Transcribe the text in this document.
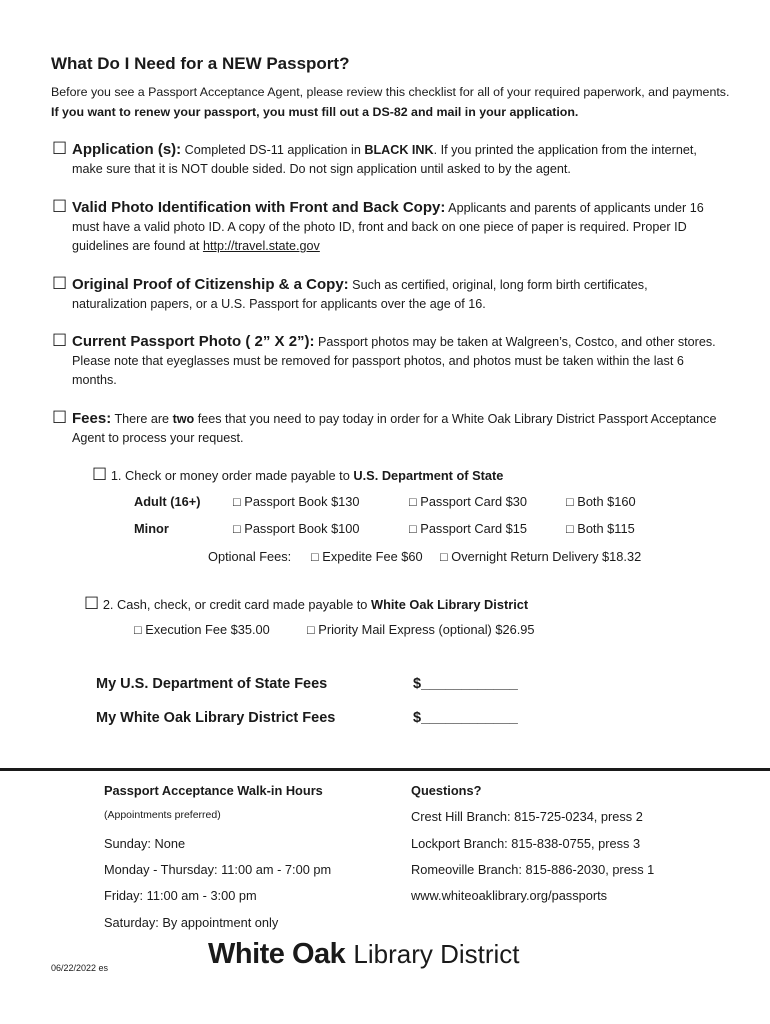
What Do I Need for a NEW Passport?
Before you see a Passport Acceptance Agent, please review this checklist for all of your required paperwork, and payments. If you want to renew your passport, you must fill out a DS-82 and mail in your application.
☐ Application (s): Completed DS-11 application in BLACK INK. If you printed the application from the internet, make sure that it is NOT double sided. Do not sign application until asked to by the agent.
☐ Valid Photo Identification with Front and Back Copy: Applicants and parents of applicants under 16 must have a valid photo ID. A copy of the photo ID, front and back on one piece of paper is required. Proper ID guidelines are found at http://travel.state.gov
☐ Original Proof of Citizenship & a Copy: Such as certified, original, long form birth certificates, naturalization papers, or a U.S. Passport for applicants over the age of 16.
☐ Current Passport Photo ( 2” X 2”): Passport photos may be taken at Walgreen’s, Costco, and other stores. Please note that eyeglasses must be removed for passport photos, and photos must be taken within the last 6 months.
☐ Fees: There are two fees that you need to pay today in order for a White Oak Library District Passport Acceptance Agent to process your request.
☐ 1. Check or money order made payable to U.S. Department of State
Adult (16+)	□ Passport Book $130	□ Passport Card $30	□ Both $160
Minor	□ Passport Book $100	□ Passport Card $15	□ Both $115
Optional Fees: □ Expedite Fee $60 □ Overnight Return Delivery $18.32
☐ 2. Cash, check, or credit card made payable to White Oak Library District
□ Execution Fee $35.00	□ Priority Mail Express (optional) $26.95
My U.S. Department of State Fees	$____________
My White Oak Library District Fees	$____________
Passport Acceptance Walk-in Hours
(Appointments preferred)
Sunday: None
Monday - Thursday: 11:00 am - 7:00 pm
Friday: 11:00 am - 3:00 pm
Saturday: By appointment only
Questions?
Crest Hill Branch: 815-725-0234, press 2
Lockport Branch: 815-838-0755, press 3
Romeoville Branch: 815-886-2030, press 1
www.whiteoaklibrary.org/passports
White Oak Library District
06/22/2022 es
